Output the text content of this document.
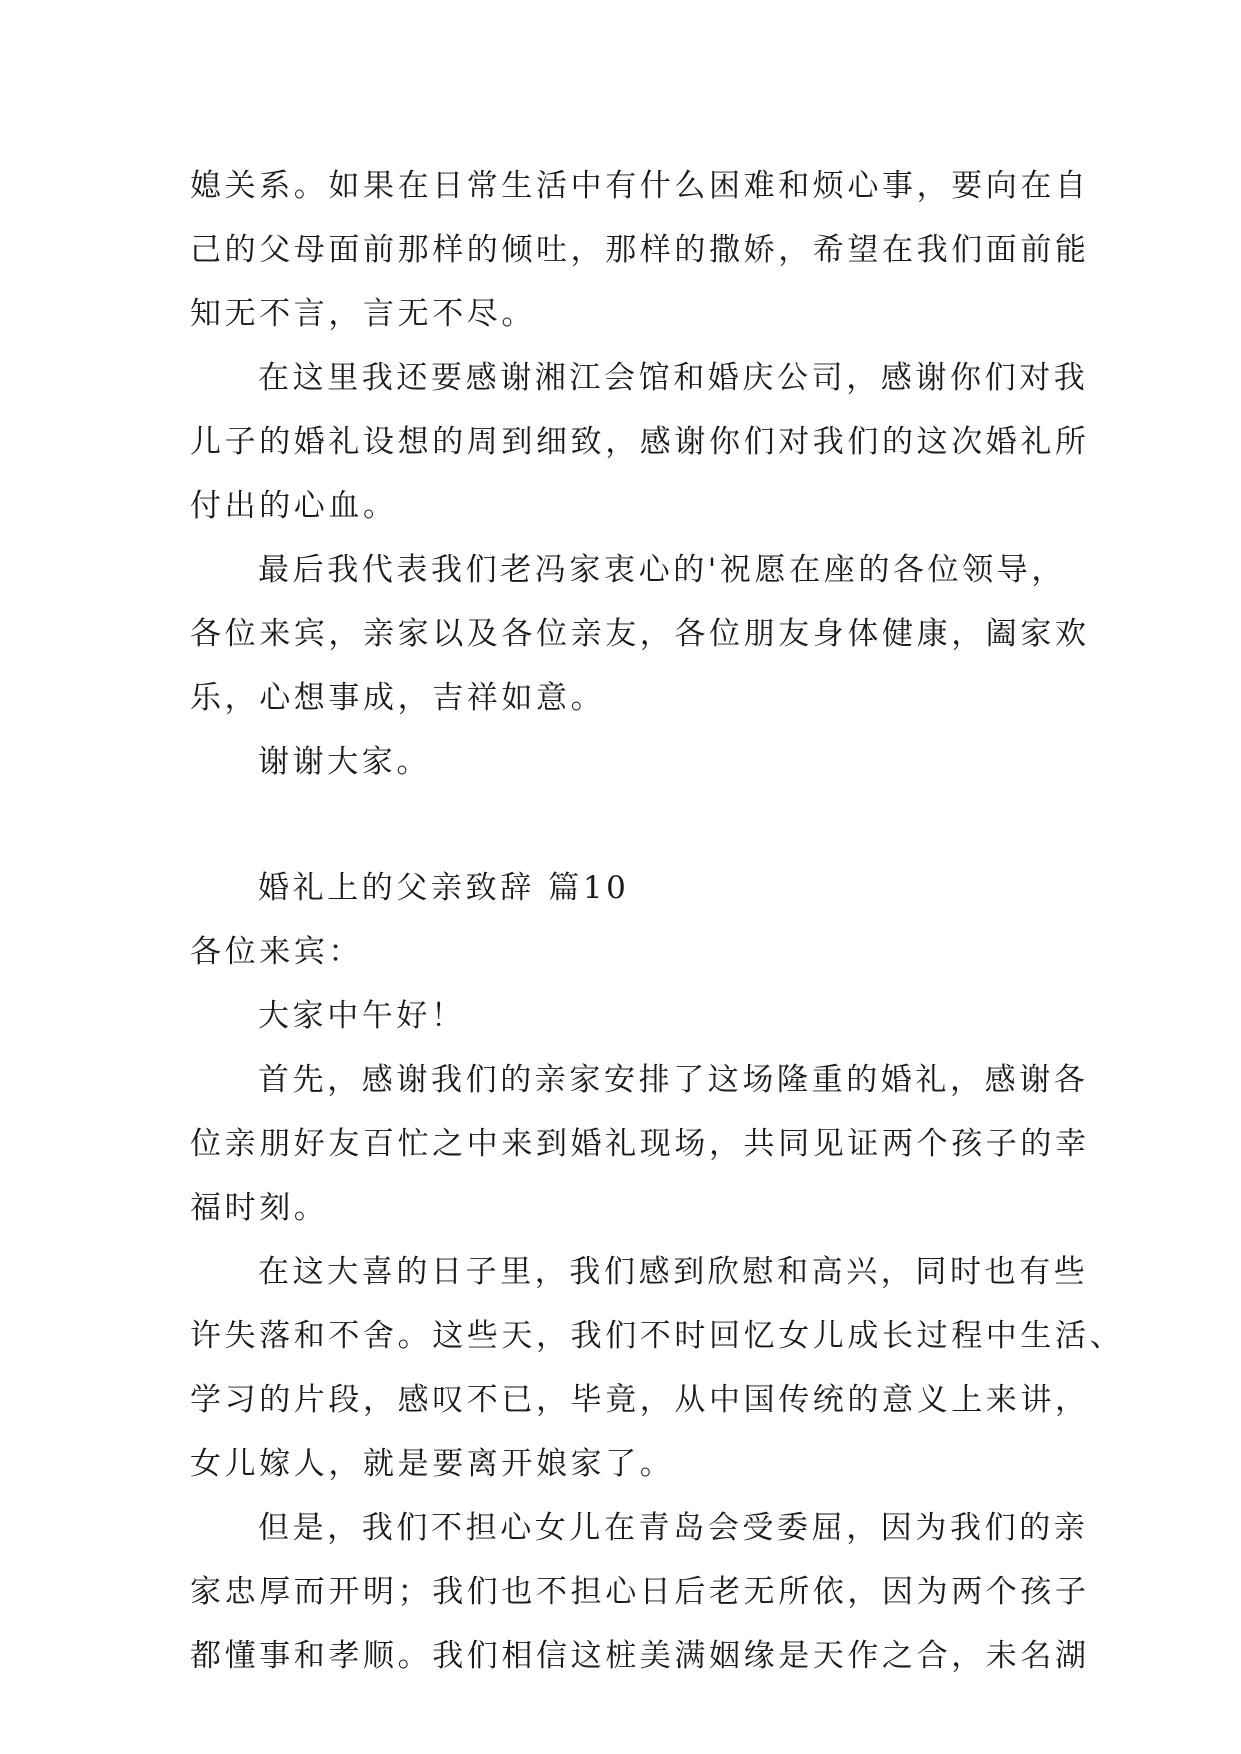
媳关系。如果在日常生活中有什么困难和烦心事，要向在自
己的父母面前那样的倾吐，那样的撒娇，希望在我们面前能
知无不言，言无不尽。
在这里我还要感谢湘江会馆和婚庆公司，感谢你们对我
儿子的婚礼设想的周到细致，感谢你们对我们的这次婚礼所
付出的心血。
最后我代表我们老冯家衷心的'祝愿在座的各位领导，
各位来宾，亲家以及各位亲友，各位朋友身体健康，阖家欢
乐，心想事成，吉祥如意。
谢谢大家。
婚礼上的父亲致辞 篇10
各位来宾：
大家中午好！
首先，感谢我们的亲家安排了这场隆重的婚礼，感谢各
位亲朋好友百忙之中来到婚礼现场，共同见证两个孩子的幸
福时刻。
在这大喜的日子里，我们感到欣慰和高兴，同时也有些
许失落和不舍。这些天，我们不时回忆女儿成长过程中生活、
学习的片段，感叹不已，毕竟，从中国传统的意义上来讲，
女儿嫁人，就是要离开娘家了。
但是，我们不担心女儿在青岛会受委屈，因为我们的亲
家忠厚而开明；我们也不担心日后老无所依，因为两个孩子
都懂事和孝顺。我们相信这桩美满姻缘是天作之合，未名湖
